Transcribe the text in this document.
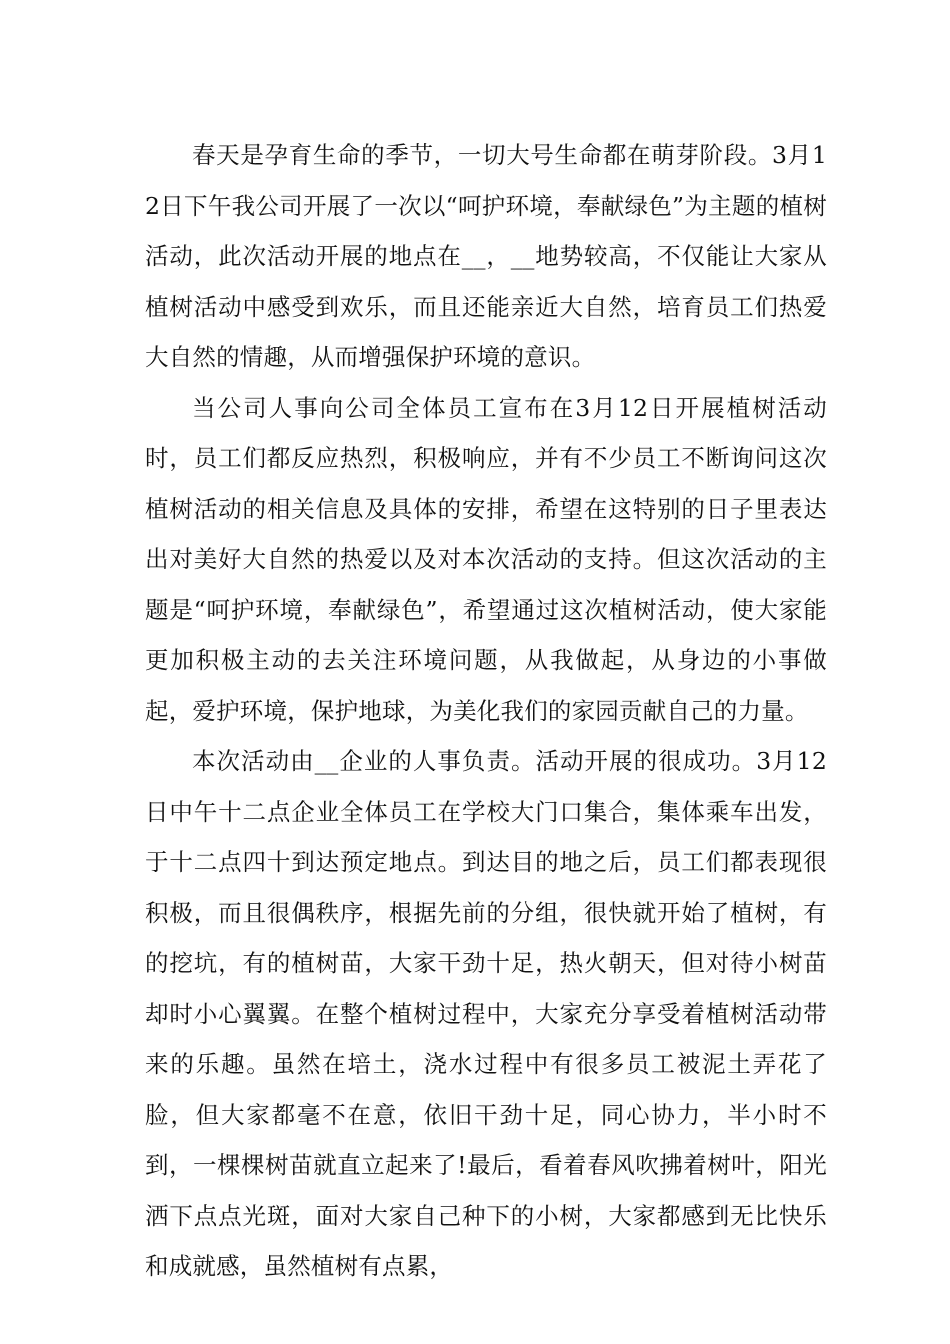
春天是孕育生命的季节，一切大号生命都在萌芽阶段。3月12日下午我公司开展了一次以“呵护环境，奉献绿色”为主题的植树活动，此次活动开展的地点在__，__地势较高，不仅能让大家从植树活动中感受到欢乐，而且还能亲近大自然，培育员工们热爱大自然的情趣，从而增强保护环境的意识。

当公司人事向公司全体员工宣布在3月12日开展植树活动时，员工们都反应热烈，积极响应，并有不少员工不断询问这次植树活动的相关信息及具体的安排，希望在这特别的日子里表达出对美好大自然的热爱以及对本次活动的支持。但这次活动的主题是“呵护环境，奉献绿色”，希望通过这次植树活动，使大家能更加积极主动的去关注环境问题，从我做起，从身边的小事做起，爱护环境，保护地球，为美化我们的家园贡献自己的力量。

本次活动由__企业的人事负责。活动开展的很成功。3月12日中午十二点企业全体员工在学校大门口集合，集体乘车出发，于十二点四十到达预定地点。到达目的地之后，员工们都表现很积极，而且很偶秩序，根据先前的分组，很快就开始了植树，有的挖坑，有的植树苗，大家干劲十足，热火朝天，但对待小树苗却时小心翼翼。在整个植树过程中，大家充分享受着植树活动带来的乐趣。虽然在培土，浇水过程中有很多员工被泥土弄花了脸，但大家都毫不在意，依旧干劲十足，同心协力，半小时不到，一棵棵树苗就直立起来了!最后，看着春风吹拂着树叶，阳光洒下点点光斑，面对大家自己种下的小树，大家都感到无比快乐和成就感，虽然植树有点累，
